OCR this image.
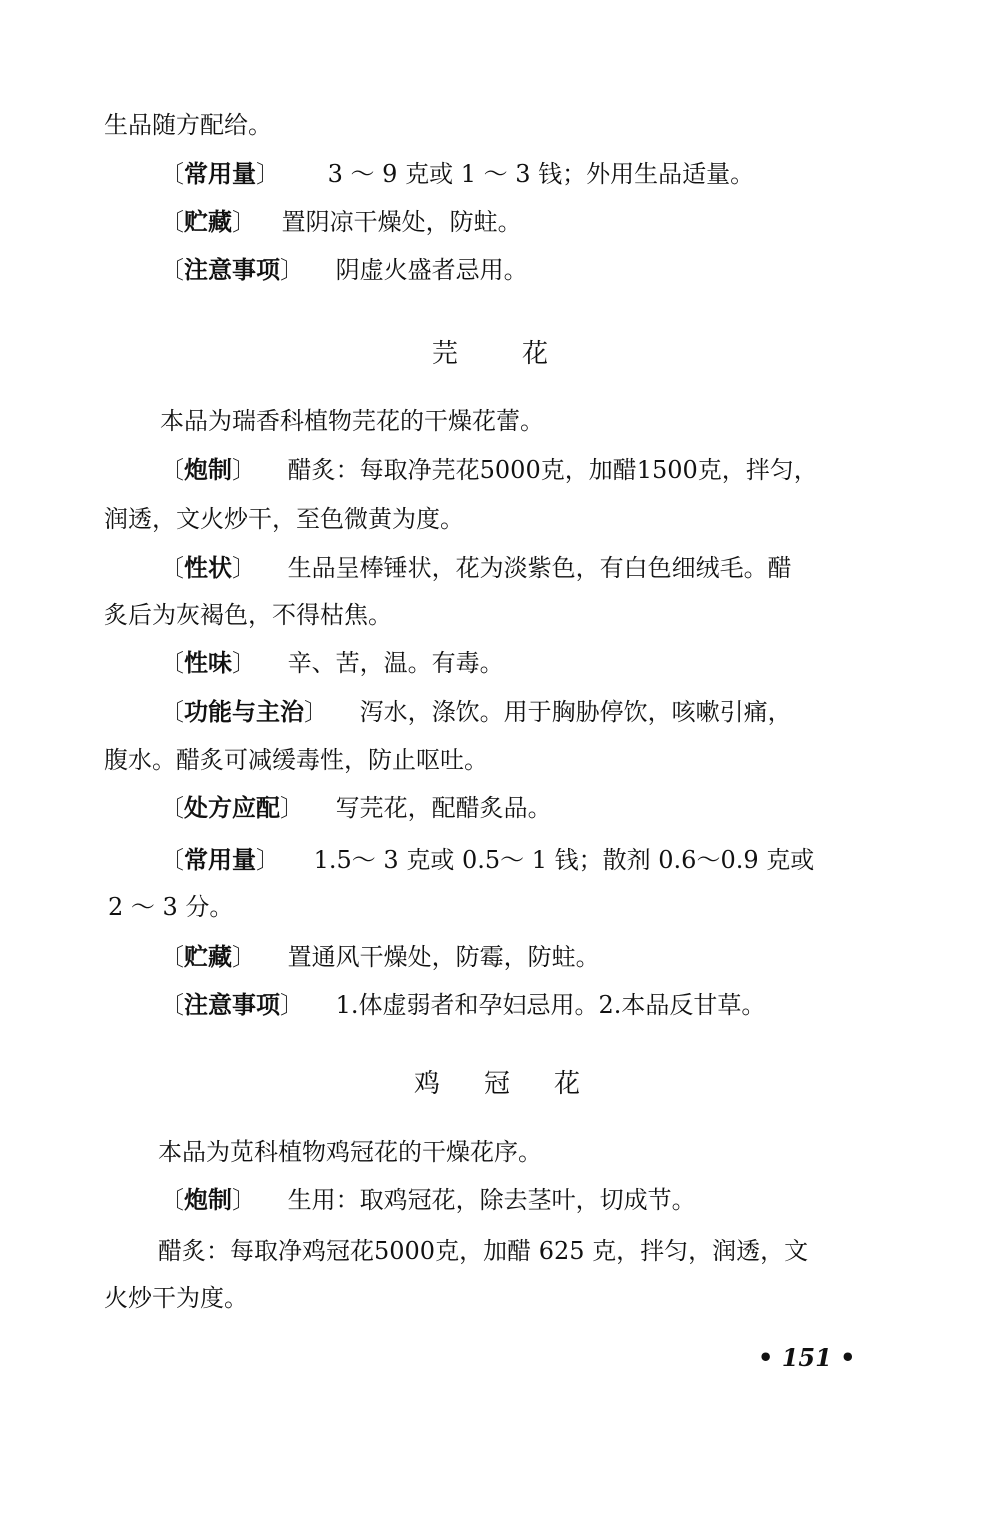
生品随方配给。
〔常用量〕 3 ～ 9 克或 1 ～ 3 钱；外用生品适量。
〔贮藏〕 置阴凉干燥处，防蛀。
〔注意事项〕 阴虚火盛者忌用。
芫 花
本品为瑞香科植物芫花的干燥花蕾。
〔炮制〕 醋炙：每取净芫花5000克，加醋1500克，拌匀，
润透，文火炒干，至色微黄为度。
〔性状〕 生品呈棒锤状，花为淡紫色，有白色细绒毛。醋
炙后为灰褐色，不得枯焦。
〔性味〕 辛、苦，温。有毒。
〔功能与主治〕 泻水，涤饮。用于胸胁停饮，咳嗽引痛，
腹水。醋炙可减缓毒性，防止呕吐。
〔处方应配〕 写芫花，配醋炙品。
〔常用量〕 1.5～ 3 克或 0.5～ 1 钱；散剂 0.6～0.9 克或
2 ～ 3 分。
〔贮藏〕 置通风干燥处，防霉，防蛀。
〔注意事项〕 1.体虚弱者和孕妇忌用。2.本品反甘草。
鸡 冠 花
本品为苋科植物鸡冠花的干燥花序。
〔炮制〕 生用：取鸡冠花，除去茎叶，切成节。
醋炙：每取净鸡冠花5000克，加醋 625 克，拌匀，润透，文
火炒干为度。
• 151 •
